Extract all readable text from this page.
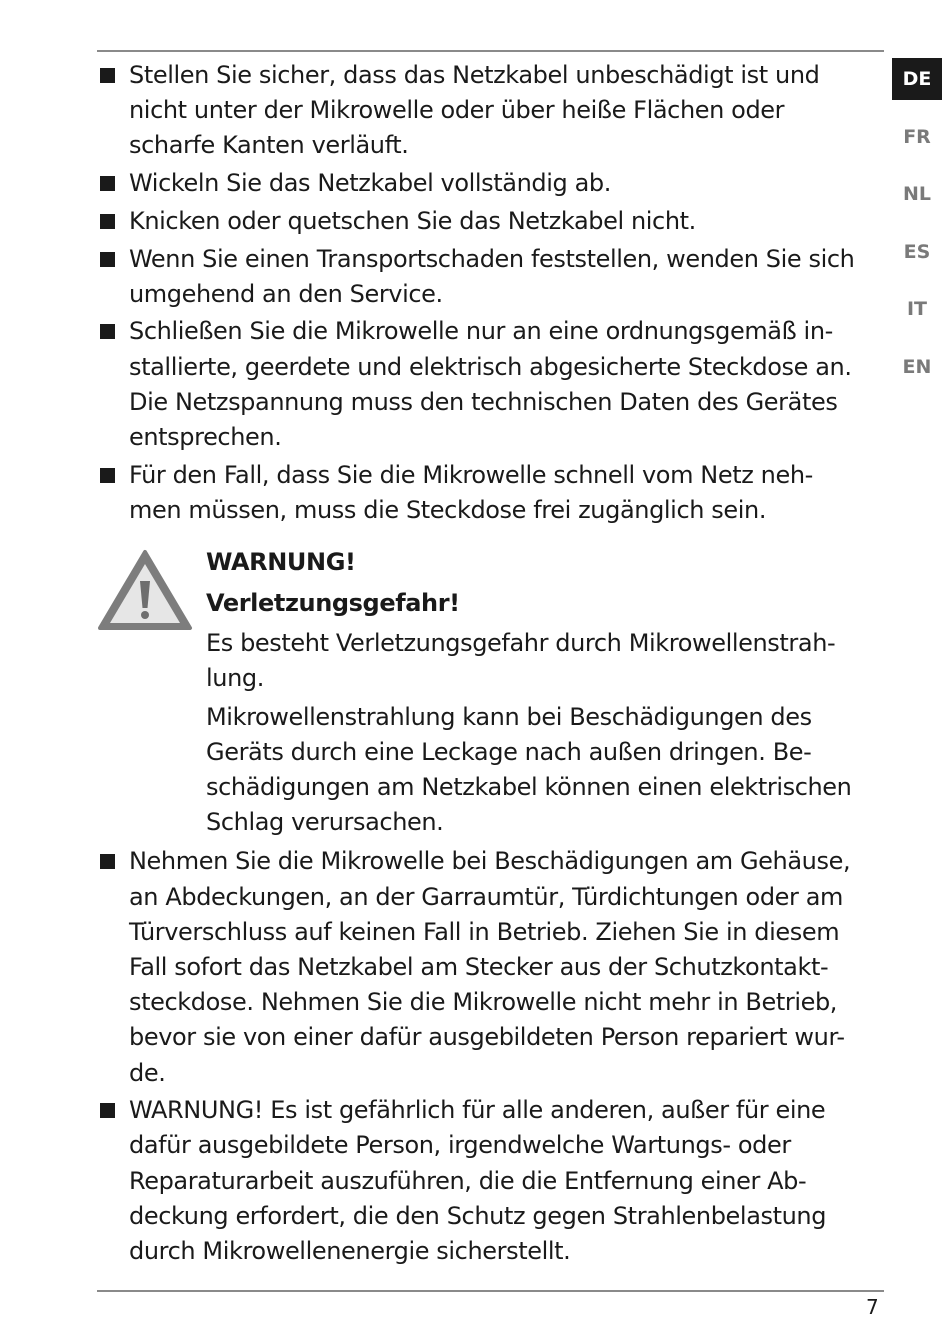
Stellen Sie sicher, dass das Netzkabel unbeschädigt ist und
nicht unter der Mikrowelle oder über heiße Flächen oder
scharfe Kanten verläuft.
Wickeln Sie das Netzkabel vollständig ab.
Knicken oder quetschen Sie das Netzkabel nicht.
Wenn Sie einen Transportschaden feststellen, wenden Sie sich
umgehend an den Service.
Schließen Sie die Mikrowelle nur an eine ordnungsgemäß in-
stallierte, geerdete und elektrisch abgesicherte Steckdose an.
Die Netzspannung muss den technischen Daten des Gerätes
entsprechen.
Für den Fall, dass Sie die Mikrowelle schnell vom Netz neh-
men müssen, muss die Steckdose frei zugänglich sein.
WARNUNG!
Verletzungsgefahr!
Es besteht Verletzungsgefahr durch Mikrowellenstrah-
lung.
Mikrowellenstrahlung kann bei Beschädigungen des
Geräts durch eine Leckage nach außen dringen. Be-
schädigungen am Netzkabel können einen elektrischen
Schlag verursachen.
Nehmen Sie die Mikrowelle bei Beschädigungen am Gehäuse,
an Abdeckungen, an der Garraumtür, Türdichtungen oder am
Türverschluss auf keinen Fall in Betrieb. Ziehen Sie in diesem
Fall sofort das Netzkabel am Stecker aus der Schutzkontakt-
steckdose. Nehmen Sie die Mikrowelle nicht mehr in Betrieb,
bevor sie von einer dafür ausgebildeten Person repariert wur-
de.
WARNUNG! Es ist gefährlich für alle anderen, außer für eine
dafür ausgebildete Person, irgendwelche Wartungs- oder
Reparaturarbeit auszuführen, die die Entfernung einer Ab-
deckung erfordert, die den Schutz gegen Strahlenbelastung
durch Mikrowellenenergie sicherstellt.
DE
FR
NL
ES
IT
EN
7
